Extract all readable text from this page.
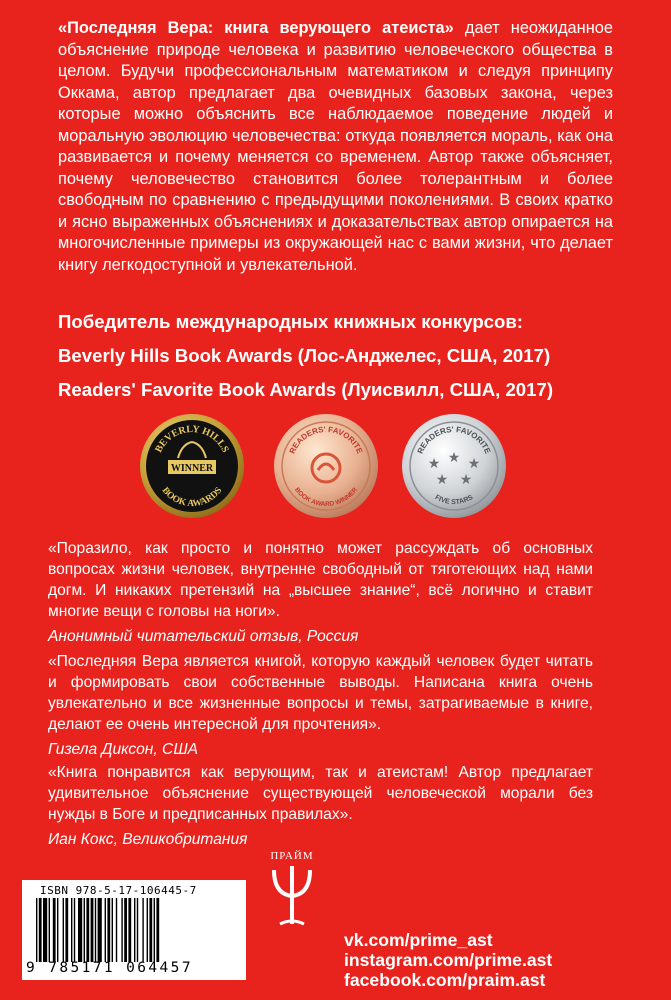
«Последняя Вера: книга верующего атеиста» дает неожиданное объяснение природе человека и развитию человеческого общества в целом. Будучи профессиональным математиком и следуя принципу Оккама, автор предлагает два очевидных базовых закона, через которые можно объяснить все наблюдаемое поведение людей и моральную эволюцию человечества: откуда появляется мораль, как она развивается и почему меняется со временем. Автор также объясняет, почему человечество становится более толерантным и более свободным по сравнению с предыдущими поколениями. В своих кратко и ясно выраженных объяснениях и доказательствах автор опирается на многочисленные примеры из окружающей нас с вами жизни, что делает книгу легкодоступной и увлекательной.
Победитель международных книжных конкурсов:
Beverly Hills Book Awards (Лос-Анджелес, США, 2017)
Readers' Favorite Book Awards (Луисвилл, США, 2017)
BEVERLY HILLS
WINNER
BOOK AWARDS
READERS' FAVORITE
BOOK AWARD WINNER
READERS' FAVORITE
★ ★ ★
★ ★
FIVE STARS
«Поразило, как просто и понятно может рассуждать об основных вопросах жизни человек, внутренне свободный от тяготеющих над нами догм. И никаких претензий на „высшее знание“, всё логично и ставит многие вещи с головы на ноги».
Анонимный читательский отзыв, Россия
«Последняя Вера является книгой, которую каждый человек будет читать и формировать свои собственные выводы. Написана книга очень увлекательно и все жизненные вопросы и темы, затрагиваемые в книге, делают ее очень интересной для прочтения».
Гизела Диксон, США
«Книга понравится как верующим, так и атеистам! Автор предлагает удивительное объяснение существующей человеческой морали без нужды в Боге и предписанных правилах».
Иан Кокс, Великобритания
ISBN 978-5-17-106445-7
9 785171 064457
ПРАЙМ
vk.com/prime_ast
instagram.com/prime.ast
facebook.com/praim.ast
